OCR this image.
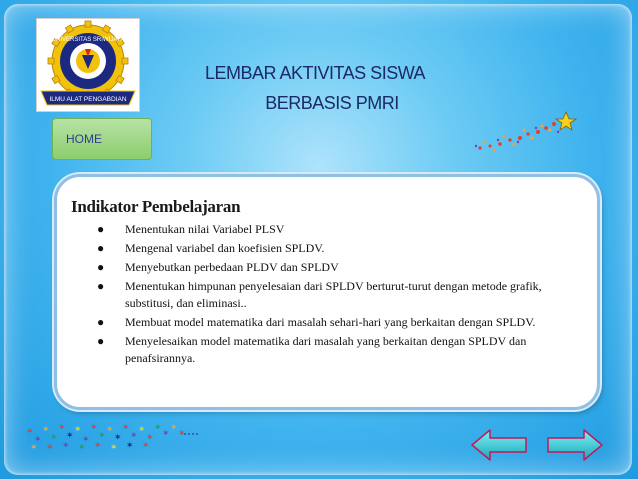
UNIVERSITAS SRIWIJAYA
ILMU ALAT PENGABDIAN
LEMBAR AKTIVITAS SISWA
BERBASIS PMRI
HOME
Indikator Pembelajaran
● Menentukan nilai Variabel PLSV
● Mengenal variabel dan koefisien SPLDV.
● Menyebutkan perbedaan PLDV dan SPLDV
● Menentukan himpunan penyelesaian dari SPLDV berturut-turut dengan metode grafik, substitusi, dan eliminasi..
● Membuat model matematika dari masalah sehari-hari yang berkaitan dengan SPLDV.
● Menyelesaikan model matematika dari masalah yang berkaitan dengan SPLDV dan penafsirannya.
✶
✶
✶
✶
✶
✶
✶
✶
✶
✶
✶
✶
✶
✶
✶
✶
✶
✶
✶
✶
✶ ✶ ✶ ✶ ✶ ✶ ✶ ✶
